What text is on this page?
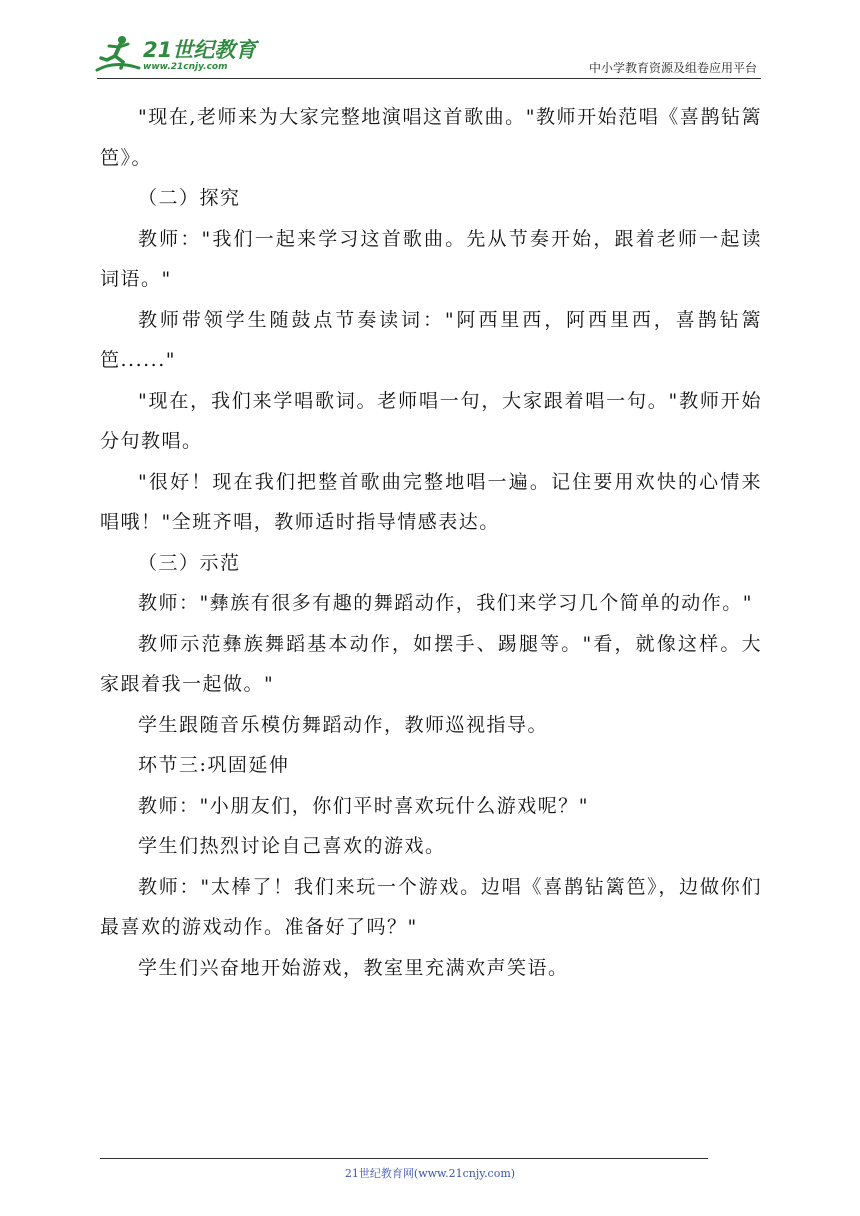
21世纪教育
www.21cnjy.com	中小学教育资源及组卷应用平台

"现在,老师来为大家完整地演唱这首歌曲。"教师开始范唱《喜鹊钻篱笆》。

（二）探究

教师："我们一起来学习这首歌曲。先从节奏开始，跟着老师一起读词语。"

教师带领学生随鼓点节奏读词："阿西里西，阿西里西，喜鹊钻篱笆......"

"现在，我们来学唱歌词。老师唱一句，大家跟着唱一句。"教师开始分句教唱。

"很好！现在我们把整首歌曲完整地唱一遍。记住要用欢快的心情来唱哦！"全班齐唱，教师适时指导情感表达。

（三）示范

教师："彝族有很多有趣的舞蹈动作，我们来学习几个简单的动作。"

教师示范彝族舞蹈基本动作，如摆手、踢腿等。"看，就像这样。大家跟着我一起做。"

学生跟随音乐模仿舞蹈动作，教师巡视指导。

环节三:巩固延伸

教师："小朋友们，你们平时喜欢玩什么游戏呢？"

学生们热烈讨论自己喜欢的游戏。

教师："太棒了！我们来玩一个游戏。边唱《喜鹊钻篱笆》，边做你们最喜欢的游戏动作。准备好了吗？"

学生们兴奋地开始游戏，教室里充满欢声笑语。

21世纪教育网(www.21cnjy.com)
